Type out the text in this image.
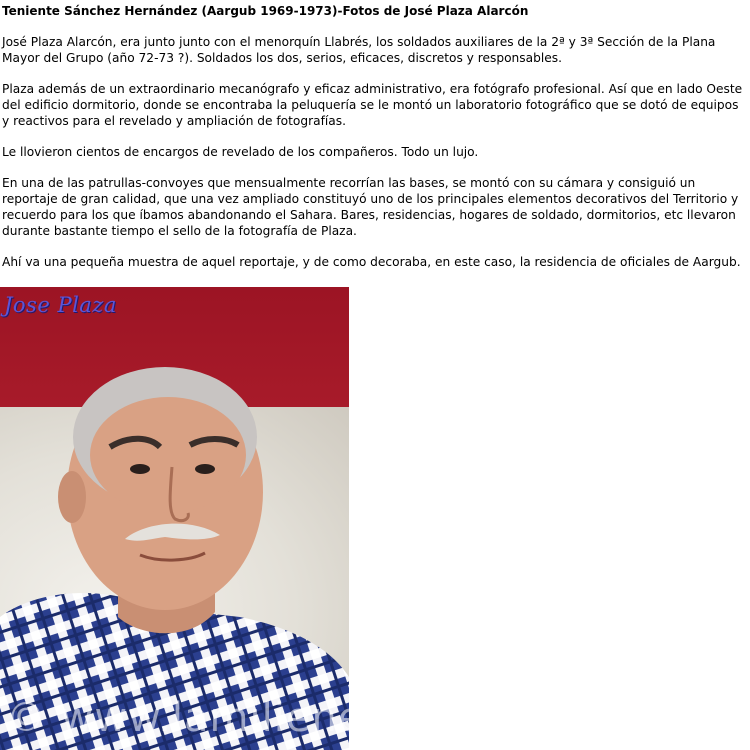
Teniente Sánchez Hernández (Aargub 1969-1973)-Fotos de José Plaza Alarcón

José Plaza Alarcón, era junto junto con el menorquín Llabrés, los soldados auxiliares de la 2ª y 3ª Sección de la Plana Mayor del Grupo (año 72-73 ?). Soldados los dos, serios, eficaces, discretos y responsables.

Plaza además de un extraordinario mecanógrafo y eficaz administrativo, era fotógrafo profesional. Así que en lado Oeste del edificio dormitorio, donde se encontraba la peluquería se le montó un laboratorio fotográfico que se dotó de equipos y reactivos para el revelado y ampliación de fotografías.

Le llovieron cientos de encargos de revelado de los compañeros. Todo un lujo.

En una de las patrullas-convoyes que mensualmente recorrían las bases, se montó con su cámara y consiguió un reportaje de gran calidad, que una vez ampliado constituyó uno de los principales elementos decorativos del Territorio y recuerdo para los que íbamos abandonando el Sahara. Bares, residencias, hogares de soldado, dormitorios, etc llevaron durante bastante tiempo el sello de la fotografía de Plaza.

Ahí va una pequeña muestra de aquel reportaje, y de como decoraba, en este caso, la residencia de oficiales de Aargub.

Jose Plaza
© www.lamilienelsahara.net
